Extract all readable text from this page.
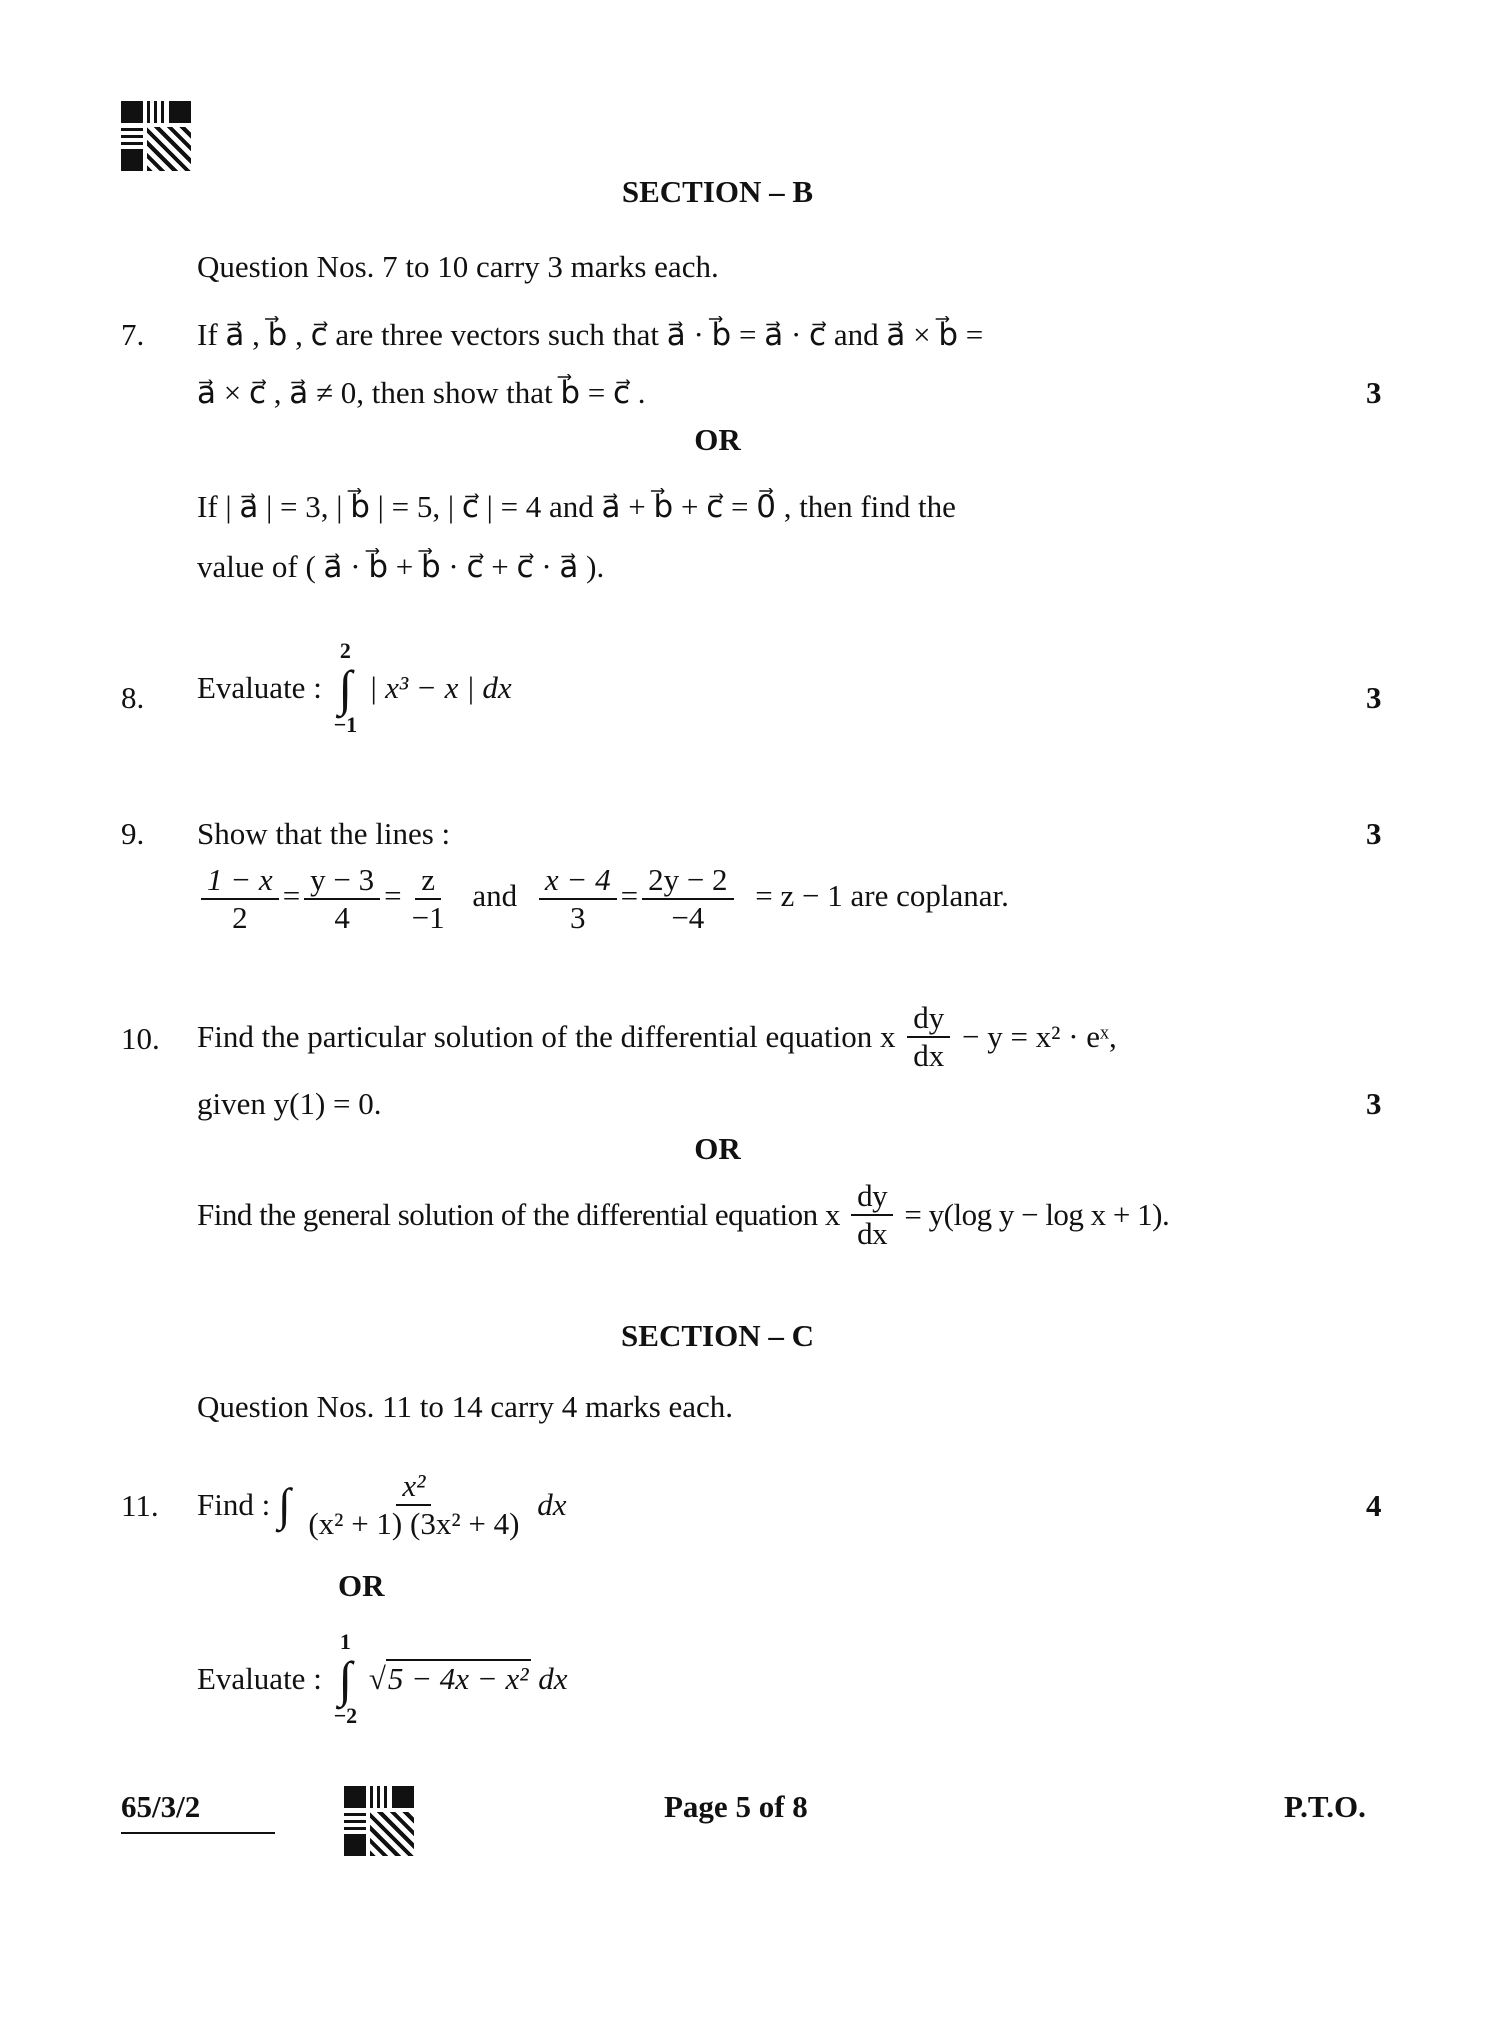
SECTION – B
Question Nos. 7 to 10 carry 3 marks each.
7. If a⃗ , b⃗ , c⃗ are three vectors such that a⃗ · b⃗ = a⃗ · c⃗ and a⃗ × b⃗ =
a⃗ × c⃗ , a⃗ ≠ 0, then show that b⃗ = c⃗ .	3
OR
If | a⃗ | = 3, | b⃗ | = 5, | c⃗ | = 4 and a⃗ + b⃗ + c⃗ = 0⃗ , then find the
value of ( a⃗ · b⃗ + b⃗ · c⃗ + c⃗ · a⃗ ).
8. Evaluate :
2
∫
−1
| x³ − x | dx	3
9. Show that the lines :	3
$\frac{1 - x}{2} = \frac{y - 3}{4} = \frac{z}{-1}$ and $\frac{x - 4}{3} = \frac{2y - 2}{-4} = z - 1$ are coplanar.
10. Find the particular solution of the differential equation x $\frac{dy}{dx} - y = x^2$ · eˣ,
given y(1) = 0.	3
OR
Find the general solution of the differential equation x $\frac{dy}{dx} = y(\log$ y − log x + 1).
SECTION – C
Question Nos. 11 to 14 carry 4 marks each.
11. Find : ∫ $\frac{\text{x²}}{\text{(x² + 1) (3x² + 4)}}$ dx	4
OR
Evaluate :
1
∫
−2
√5 − 4x − x² dx
65/3/2	Page 5 of 8	P.T.O.
